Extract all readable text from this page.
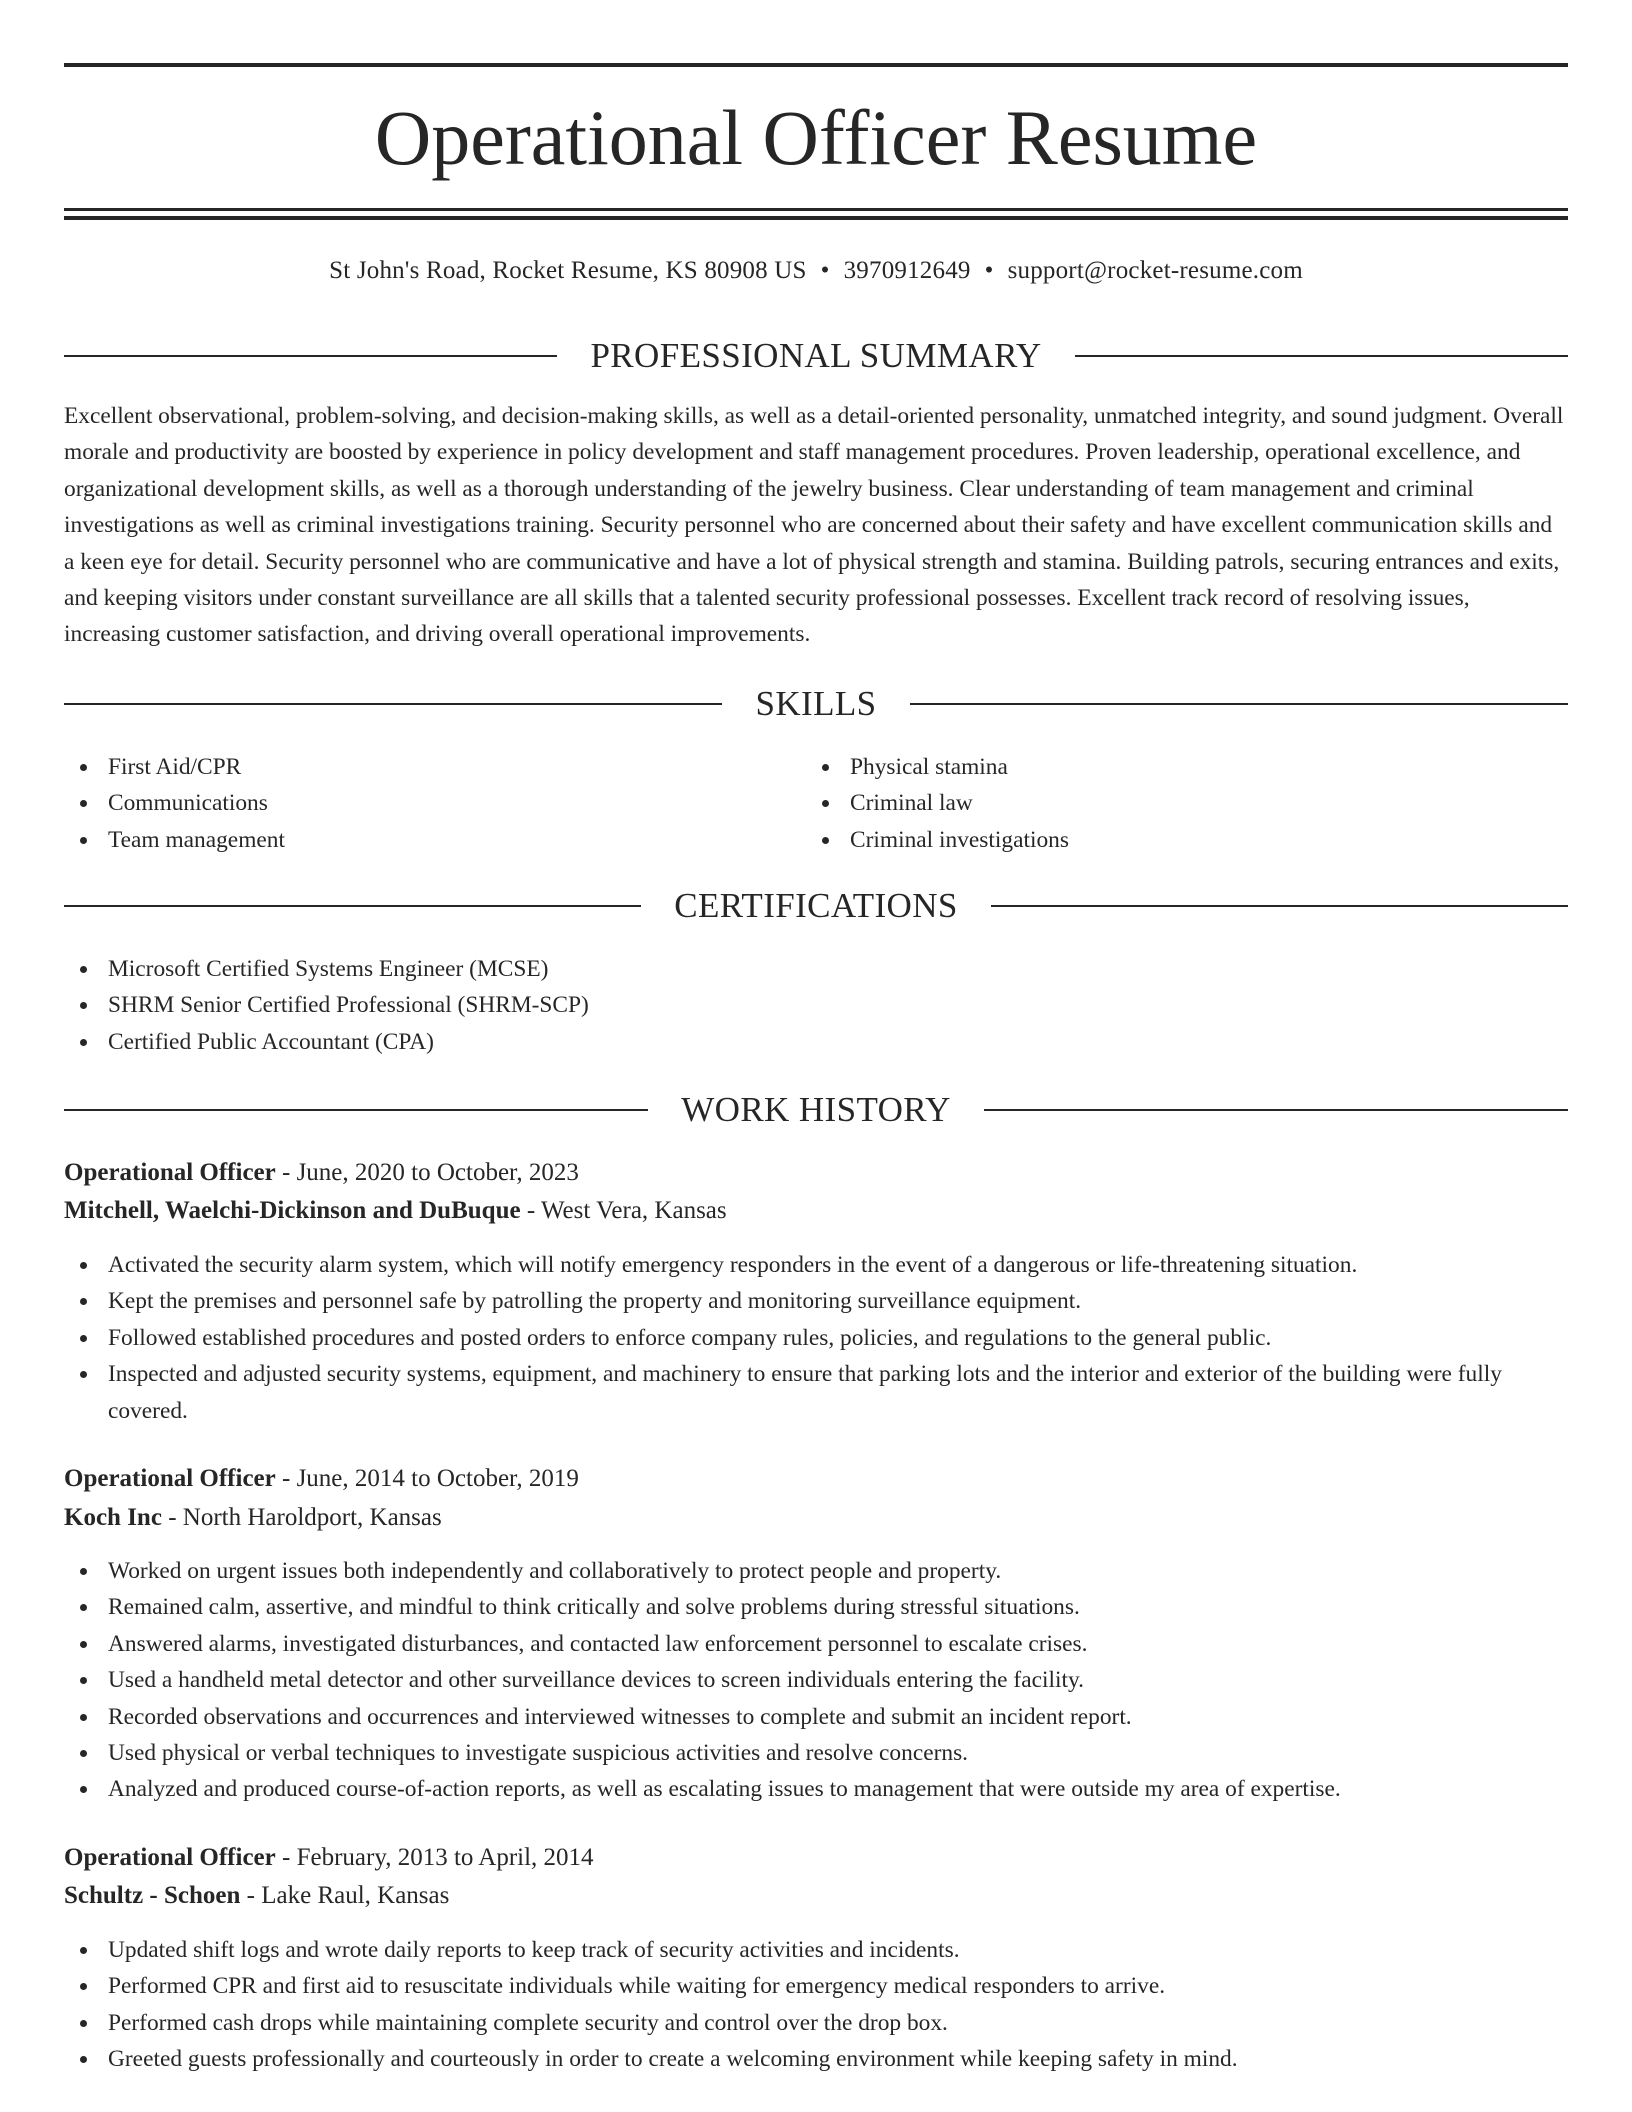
Operational Officer Resume
St John's Road, Rocket Resume, KS 80908 US • 3970912649 • support@rocket-resume.com
PROFESSIONAL SUMMARY

Excellent observational, problem-solving, and decision-making skills, as well as a detail-oriented personality, unmatched integrity, and sound judgment. Overall morale and productivity are boosted by experience in policy development and staff management procedures. Proven leadership, operational excellence, and organizational development skills, as well as a thorough understanding of the jewelry business. Clear understanding of team management and criminal investigations as well as criminal investigations training. Security personnel who are concerned about their safety and have excellent communication skills and a keen eye for detail. Security personnel who are communicative and have a lot of physical strength and stamina. Building patrols, securing entrances and exits, and keeping visitors under constant surveillance are all skills that a talented security professional possesses. Excellent track record of resolving issues, increasing customer satisfaction, and driving overall operational improvements.

SKILLS
First Aid/CPR
Communications
Team management
Physical stamina
Criminal law
Criminal investigations
CERTIFICATIONS
Microsoft Certified Systems Engineer (MCSE)
SHRM Senior Certified Professional (SHRM-SCP)
Certified Public Accountant (CPA)
WORK HISTORY
Operational Officer - June, 2020 to October, 2023
Mitchell, Waelchi-Dickinson and DuBuque - West Vera, Kansas
Activated the security alarm system, which will notify emergency responders in the event of a dangerous or life-threatening situation.
Kept the premises and personnel safe by patrolling the property and monitoring surveillance equipment.
Followed established procedures and posted orders to enforce company rules, policies, and regulations to the general public.
Inspected and adjusted security systems, equipment, and machinery to ensure that parking lots and the interior and exterior of the building were fully covered.
Operational Officer - June, 2014 to October, 2019
Koch Inc - North Haroldport, Kansas
Worked on urgent issues both independently and collaboratively to protect people and property.
Remained calm, assertive, and mindful to think critically and solve problems during stressful situations.
Answered alarms, investigated disturbances, and contacted law enforcement personnel to escalate crises.
Used a handheld metal detector and other surveillance devices to screen individuals entering the facility.
Recorded observations and occurrences and interviewed witnesses to complete and submit an incident report.
Used physical or verbal techniques to investigate suspicious activities and resolve concerns.
Analyzed and produced course-of-action reports, as well as escalating issues to management that were outside my area of expertise.
Operational Officer - February, 2013 to April, 2014
Schultz - Schoen - Lake Raul, Kansas
Updated shift logs and wrote daily reports to keep track of security activities and incidents.
Performed CPR and first aid to resuscitate individuals while waiting for emergency medical responders to arrive.
Performed cash drops while maintaining complete security and control over the drop box.
Greeted guests professionally and courteously in order to create a welcoming environment while keeping safety in mind.
